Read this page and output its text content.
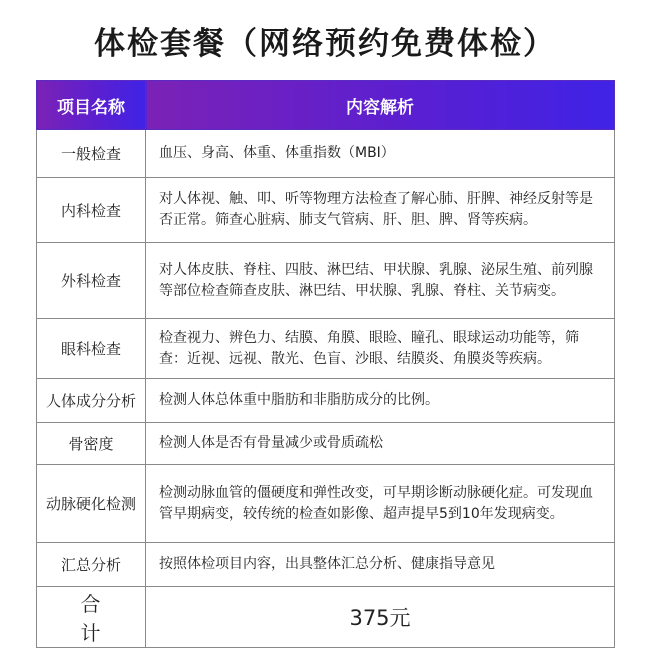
体检套餐（网络预约免费体检）
项目名称	内容解析
一般检查	血压、身高、体重、体重指数（MBI）
内科检查	对人体视、触、叩、听等物理方法检查了解心肺、肝脾、神经反射等是否正常。筛查心脏病、肺支气管病、肝、胆、脾、肾等疾病。
外科检查	对人体皮肤、脊柱、四肢、淋巴结、甲状腺、乳腺、泌尿生殖、前列腺等部位检查筛查皮肤、淋巴结、甲状腺、乳腺、脊柱、关节病变。
眼科检查	检查视力、辨色力、结膜、角膜、眼睑、瞳孔、眼球运动功能等，筛查：近视、远视、散光、色盲、沙眼、结膜炎、角膜炎等疾病。
人体成分分析	检测人体总体重中脂肪和非脂肪成分的比例。
骨密度	检测人体是否有骨量减少或骨质疏松
动脉硬化检测	检测动脉血管的僵硬度和弹性改变，可早期诊断动脉硬化症。可发现血管早期病变，较传统的检查如影像、超声提早5到10年发现病变。
汇总分析	按照体检项目内容，出具整体汇总分析、健康指导意见
合计	375元
